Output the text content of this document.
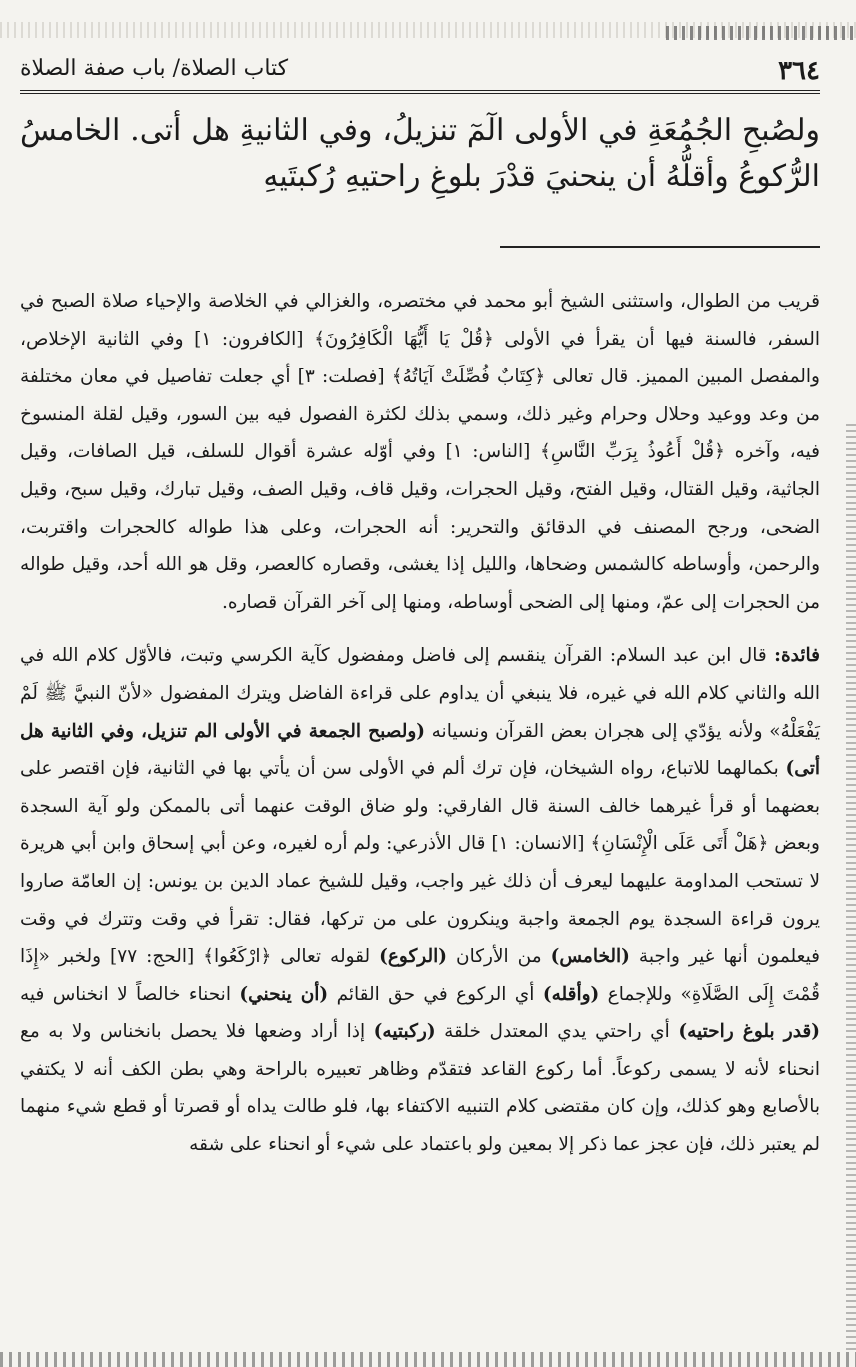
كتاب الصلاة/ باب صفة الصلاة	٣٦٤
ولصُبحِ الجُمُعَةِ في الأولى الٓمٓ تنزيلُ، وفي الثانيةِ هل أتى. الخامسُ الرُّكوعُ وأقلُّهُ أن ينحنيَ قدْرَ بلوغِ راحتيهِ رُكبتَيهِ

قريب من الطوال، واستثنى الشيخ أبو محمد في مختصره، والغزالي في الخلاصة والإحياء صلاة الصبح في السفر، فالسنة فيها أن يقرأ في الأولى ﴿قُلْ يَا أَيُّهَا الْكَافِرُونَ﴾ [الكافرون: ١] وفي الثانية الإخلاص، والمفصل المبين المميز. قال تعالى ﴿كِتَابٌ فُصِّلَتْ آيَاتُهُ﴾ [فصلت: ٣] أي جعلت تفاصيل في معان مختلفة من وعد ووعيد وحلال وحرام وغير ذلك، وسمي بذلك لكثرة الفصول فيه بين السور، وقيل لقلة المنسوخ فيه، وآخره ﴿قُلْ أَعُوذُ بِرَبِّ النَّاسِ﴾ [الناس: ١] وفي أوّله عشرة أقوال للسلف، قيل الصافات، وقيل الجاثية، وقيل القتال، وقيل الفتح، وقيل الحجرات، وقيل قاف، وقيل الصف، وقيل تبارك، وقيل سبح، وقيل الضحى، ورجح المصنف في الدقائق والتحرير: أنه الحجرات، وعلى هذا طواله كالحجرات واقتربت، والرحمن، وأوساطه كالشمس وضحاها، والليل إذا يغشى، وقصاره كالعصر، وقل هو الله أحد، وقيل طواله من الحجرات إلى عمّ، ومنها إلى الضحى أوساطه، ومنها إلى آخر القرآن قصاره.

فائدة: قال ابن عبد السلام: القرآن ينقسم إلى فاضل ومفضول كآية الكرسي وتبت، فالأوّل كلام الله في الله والثاني كلام الله في غيره، فلا ينبغي أن يداوم على قراءة الفاضل ويترك المفضول «لأنّ النبيَّ ﷺ لَمْ يَفْعَلْهُ» ولأنه يؤدّي إلى هجران بعض القرآن ونسيانه (ولصبح الجمعة في الأولى الم تنزيل، وفي الثانية هل أتى) بكمالهما للاتباع، رواه الشيخان، فإن ترك ألم في الأولى سن أن يأتي بها في الثانية، فإن اقتصر على بعضهما أو قرأ غيرهما خالف السنة قال الفارقي: ولو ضاق الوقت عنهما أتى بالممكن ولو آية السجدة وبعض ﴿هَلْ أَتَى عَلَى الْإِنْسَانِ﴾ [الانسان: ١] قال الأذرعي: ولم أره لغيره، وعن أبي إسحاق وابن أبي هريرة لا تستحب المداومة عليهما ليعرف أن ذلك غير واجب، وقيل للشيخ عماد الدين بن يونس: إن العامّة صاروا يرون قراءة السجدة يوم الجمعة واجبة وينكرون على من تركها، فقال: تقرأ في وقت وتترك في وقت فيعلمون أنها غير واجبة (الخامس) من الأركان (الركوع) لقوله تعالى ﴿ارْكَعُوا﴾ [الحج: ٧٧] ولخبر «إِذَا قُمْتَ إِلَى الصَّلَاةِ» وللإجماع (وأقله) أي الركوع في حق القائم (أن ينحني) انحناء خالصاً لا انخناس فيه (قدر بلوغ راحتيه) أي راحتي يدي المعتدل خلقة (ركبتيه) إذا أراد وضعها فلا يحصل بانخناس ولا به مع انحناء لأنه لا يسمى ركوعاً. أما ركوع القاعد فتقدّم وظاهر تعبيره بالراحة وهي بطن الكف أنه لا يكتفي بالأصابع وهو كذلك، وإن كان مقتضى كلام التنبيه الاكتفاء بها، فلو طالت يداه أو قصرتا أو قطع شيء منهما لم يعتبر ذلك، فإن عجز عما ذكر إلا بمعين ولو باعتماد على شيء أو انحناء على شقه
